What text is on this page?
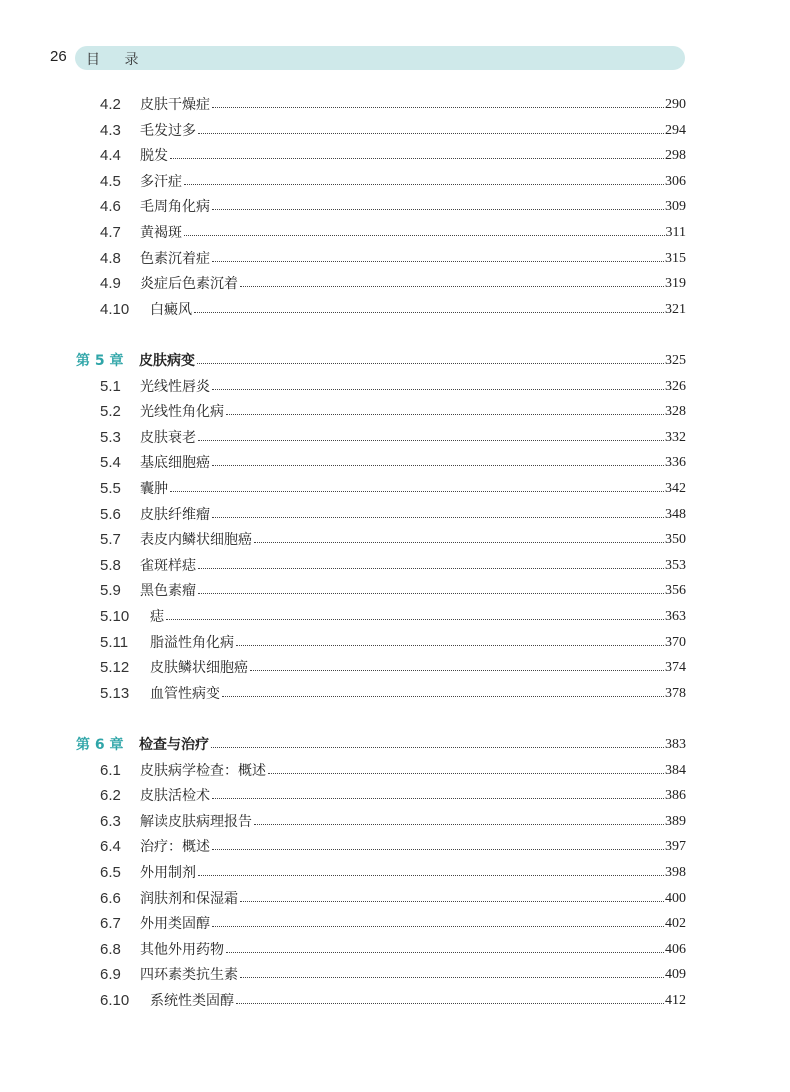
26 目 录
4.2	皮肤干燥症	290
4.3	毛发过多	294
4.4	脱发	298
4.5	多汗症	306
4.6	毛周角化病	309
4.7	黄褐斑	311
4.8	色素沉着症	315
4.9	炎症后色素沉着	319
4.10	白癜风	321
第 5 章	皮肤病变	325
5.1	光线性唇炎	326
5.2	光线性角化病	328
5.3	皮肤衰老	332
5.4	基底细胞癌	336
5.5	囊肿	342
5.6	皮肤纤维瘤	348
5.7	表皮内鳞状细胞癌	350
5.8	雀斑样痣	353
5.9	黑色素瘤	356
5.10	痣	363
5.11	脂溢性角化病	370
5.12	皮肤鳞状细胞癌	374
5.13	血管性病变	378
第 6 章	检查与治疗	383
6.1	皮肤病学检查：概述	384
6.2	皮肤活检术	386
6.3	解读皮肤病理报告	389
6.4	治疗：概述	397
6.5	外用制剂	398
6.6	润肤剂和保湿霜	400
6.7	外用类固醇	402
6.8	其他外用药物	406
6.9	四环素类抗生素	409
6.10	系统性类固醇	412
